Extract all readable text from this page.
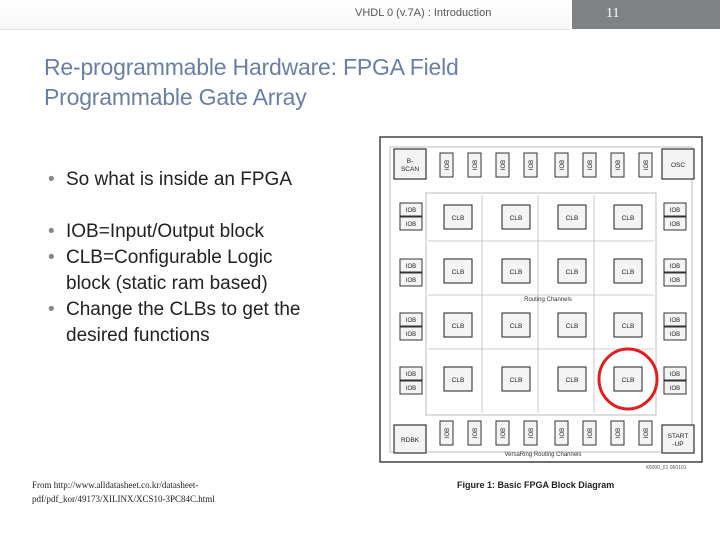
VHDL 0 (v.7A) : Introduction	11
Re-programmable Hardware: FPGA Field
Programmable Gate Array
• So what is inside an FPGA
• IOB=Input/Output block
• CLB=Configurable Logic
block (static ram based)
• Change the CLBs to get the
desired functions
From http://www.alldatasheet.co.kr/datasheet-
pdf/pdf_kor/49173/XILINX/XCS10-3PC84C.html
B-
SCAN
OSC
RDBK
START
-UP
IOB
IOB
IOB
IOB
IOB
IOB
IOB
IOB
IOB
IOB
IOB
IOB
IOB
IOB
IOB
IOB
IOB	IOB
IOB	IOB
IOB	IOB
IOB	IOB
IOB	IOB
IOB	IOB
IOB	IOB
IOB	IOB
CLB	CLB	CLB	CLB
CLB	CLB	CLB	CLB
CLB	CLB	CLB	CLB
CLB	CLB	CLB	CLB
Routing Channels
VersaRing Routing Channels
X6000_01 060101
Figure 1: Basic FPGA Block Diagram
